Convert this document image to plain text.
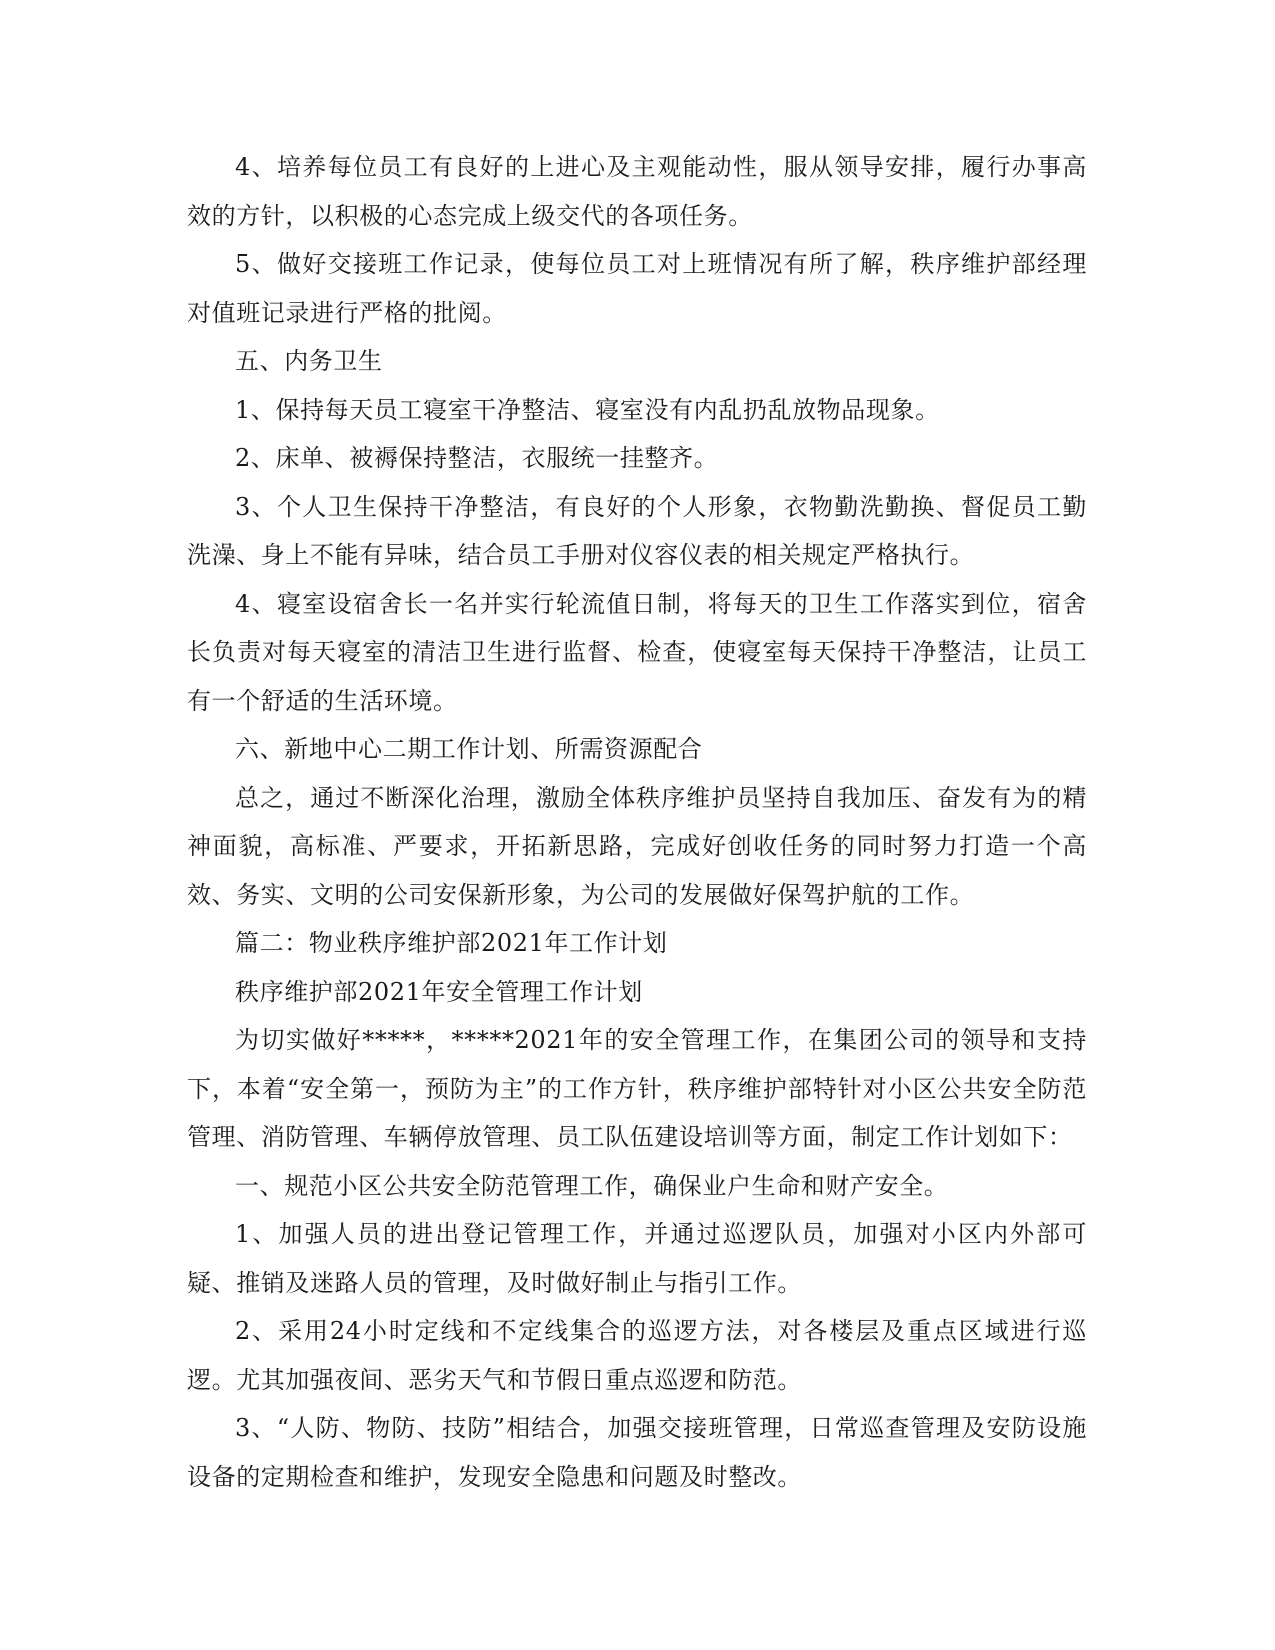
4、培养每位员工有良好的上进心及主观能动性，服从领导安排，履行办事高效的方针，以积极的心态完成上级交代的各项任务。

5、做好交接班工作记录，使每位员工对上班情况有所了解，秩序维护部经理对值班记录进行严格的批阅。

五、内务卫生

1、保持每天员工寝室干净整洁、寝室没有内乱扔乱放物品现象。

2、床单、被褥保持整洁，衣服统一挂整齐。

3、个人卫生保持干净整洁，有良好的个人形象，衣物勤洗勤换、督促员工勤洗澡、身上不能有异味，结合员工手册对仪容仪表的相关规定严格执行。

4、寝室设宿舍长一名并实行轮流值日制，将每天的卫生工作落实到位，宿舍长负责对每天寝室的清洁卫生进行监督、检查，使寝室每天保持干净整洁，让员工有一个舒适的生活环境。

六、新地中心二期工作计划、所需资源配合

总之，通过不断深化治理，激励全体秩序维护员坚持自我加压、奋发有为的精神面貌，高标准、严要求，开拓新思路，完成好创收任务的同时努力打造一个高效、务实、文明的公司安保新形象，为公司的发展做好保驾护航的工作。

篇二：物业秩序维护部2021年工作计划

秩序维护部2021年安全管理工作计划

为切实做好*****，*****2021年的安全管理工作，在集团公司的领导和支持下，本着“安全第一，预防为主”的工作方针，秩序维护部特针对小区公共安全防范管理、消防管理、车辆停放管理、员工队伍建设培训等方面，制定工作计划如下：

一、规范小区公共安全防范管理工作，确保业户生命和财产安全。

1、加强人员的进出登记管理工作，并通过巡逻队员，加强对小区内外部可疑、推销及迷路人员的管理，及时做好制止与指引工作。

2、采用24小时定线和不定线集合的巡逻方法，对各楼层及重点区域进行巡逻。尤其加强夜间、恶劣天气和节假日重点巡逻和防范。

3、“人防、物防、技防”相结合，加强交接班管理，日常巡查管理及安防设施设备的定期检查和维护，发现安全隐患和问题及时整改。
